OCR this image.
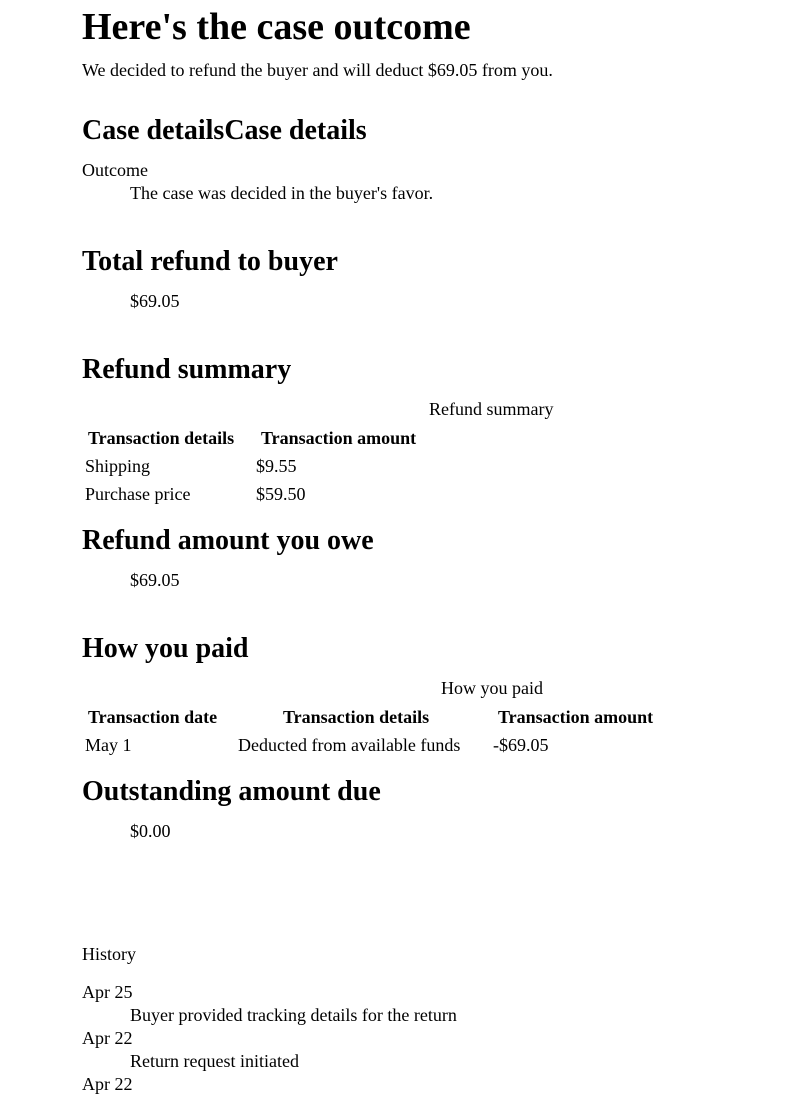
Here's the case outcome
We decided to refund the buyer and will deduct $69.05 from you.
Case detailsCase details
Outcome
The case was decided in the buyer's favor.
Total refund to buyer
$69.05
Refund summary
Refund summary
Transaction details Transaction amount
Shipping	$9.55
Purchase price	$59.50
Refund amount you owe
$69.05
How you paid
How you paid
Transaction date	Transaction details	Transaction amount
May 1	Deducted from available funds -$69.05
Outstanding amount due
$0.00
History
Apr 25
Buyer provided tracking details for the return
Apr 22
Return request initiated
Apr 22
